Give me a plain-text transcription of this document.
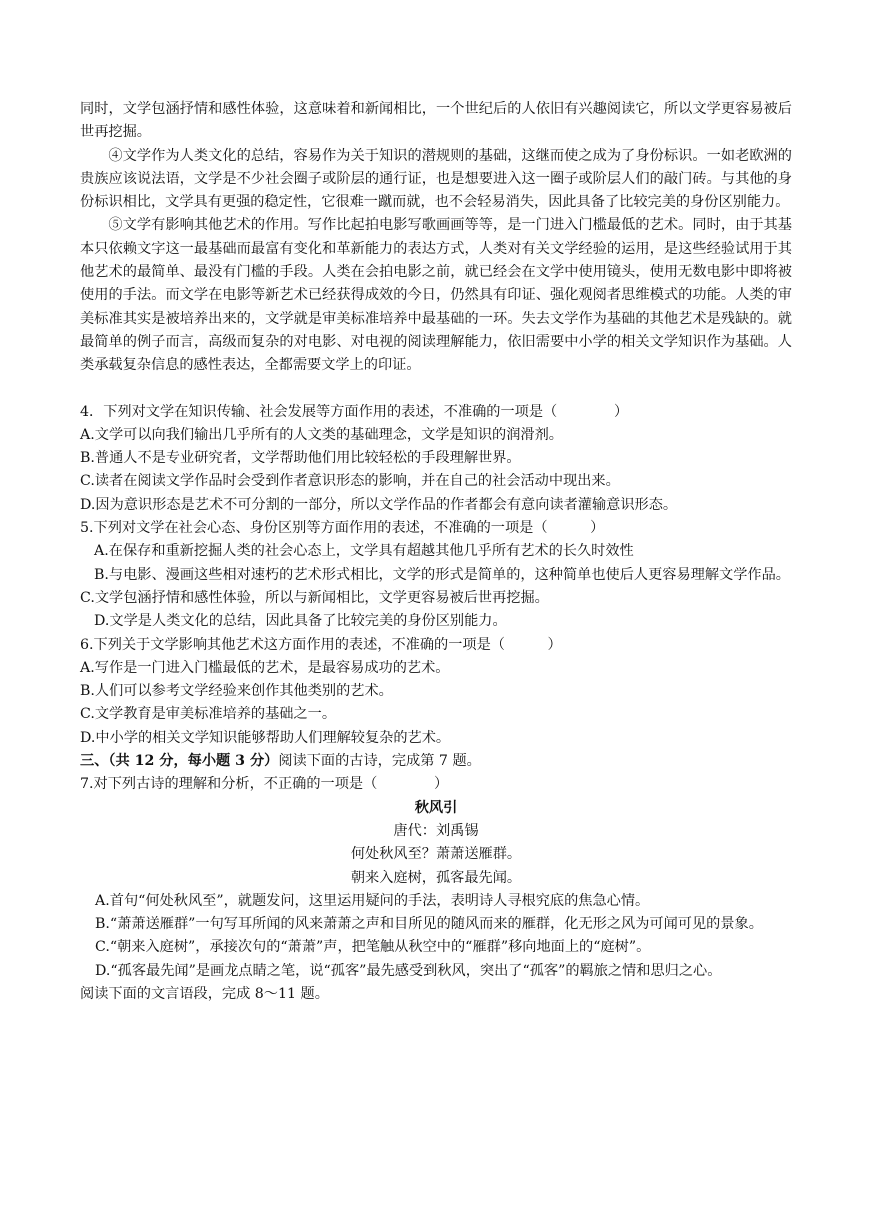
同时，文学包涵抒情和感性体验，这意味着和新闻相比，一个世纪后的人依旧有兴趣阅读它，所以文学更容易被后世再挖掘。

④文学作为人类文化的总结，容易作为关于知识的潜规则的基础，这继而使之成为了身份标识。一如老欧洲的贵族应该说法语，文学是不少社会圈子或阶层的通行证，也是想要进入这一圈子或阶层人们的敲门砖。与其他的身份标识相比，文学具有更强的稳定性，它很难一蹴而就，也不会轻易消失，因此具备了比较完美的身份区别能力。

⑤文学有影响其他艺术的作用。写作比起拍电影写歌画画等等，是一门进入门槛最低的艺术。同时，由于其基本只依赖文字这一最基础而最富有变化和革新能力的表达方式，人类对有关文学经验的运用，是这些经验试用于其他艺术的最简单、最没有门槛的手段。人类在会拍电影之前，就已经会在文学中使用镜头，使用无数电影中即将被使用的手法。而文学在电影等新艺术已经获得成效的今日，仍然具有印证、强化观阅者思维模式的功能。人类的审美标准其实是被培养出来的，文学就是审美标准培养中最基础的一环。失去文学作为基础的其他艺术是残缺的。就最简单的例子而言，高级而复杂的对电影、对电视的阅读理解能力，依旧需要中小学的相关文学知识作为基础。人类承载复杂信息的感性表达，全都需要文学上的印证。

4．下列对文学在知识传输、社会发展等方面作用的表述，不准确的一项是（　　　　）

A.文学可以向我们输出几乎所有的人文类的基础理念，文学是知识的润滑剂。

B.普通人不是专业研究者，文学帮助他们用比较轻松的手段理解世界。

C.读者在阅读文学作品时会受到作者意识形态的影响，并在自己的社会活动中现出来。

D.因为意识形态是艺术不可分割的一部分，所以文学作品的作者都会有意向读者灌输意识形态。

5.下列对文学在社会心态、身份区别等方面作用的表述，不准确的一项是（　　　）

A.在保存和重新挖掘人类的社会心态上，文学具有超越其他几乎所有艺术的长久时效性

B.与电影、漫画这些相对速朽的艺术形式相比，文学的形式是简单的，这种简单也使后人更容易理解文学作品。

C.文学包涵抒情和感性体验，所以与新闻相比，文学更容易被后世再挖掘。

D.文学是人类文化的总结，因此具备了比较完美的身份区别能力。

6.下列关于文学影响其他艺术这方面作用的表述，不准确的一项是（　　　）

A.写作是一门进入门槛最低的艺术，是最容易成功的艺术。

B.人们可以参考文学经验来创作其他类别的艺术。

C.文学教育是审美标准培养的基础之一。

D.中小学的相关文学知识能够帮助人们理解较复杂的艺术。

三、（共 12 分，每小题 3 分）阅读下面的古诗，完成第 7 题。

7.对下列古诗的理解和分析，不正确的一项是（　　　　）

秋风引

唐代：刘禹锡

何处秋风至？萧萧送雁群。

朝来入庭树，孤客最先闻。

A.首句“何处秋风至”，就题发问，这里运用疑问的手法，表明诗人寻根究底的焦急心情。

B.“萧萧送雁群”一句写耳所闻的风来萧萧之声和目所见的随风而来的雁群，化无形之风为可闻可见的景象。

C.“朝来入庭树”，承接次句的“萧萧”声，把笔触从秋空中的“雁群”移向地面上的“庭树”。

D.“孤客最先闻”是画龙点睛之笔，说“孤客”最先感受到秋风，突出了“孤客”的羁旅之情和思归之心。

阅读下面的文言语段，完成 8～11 题。
